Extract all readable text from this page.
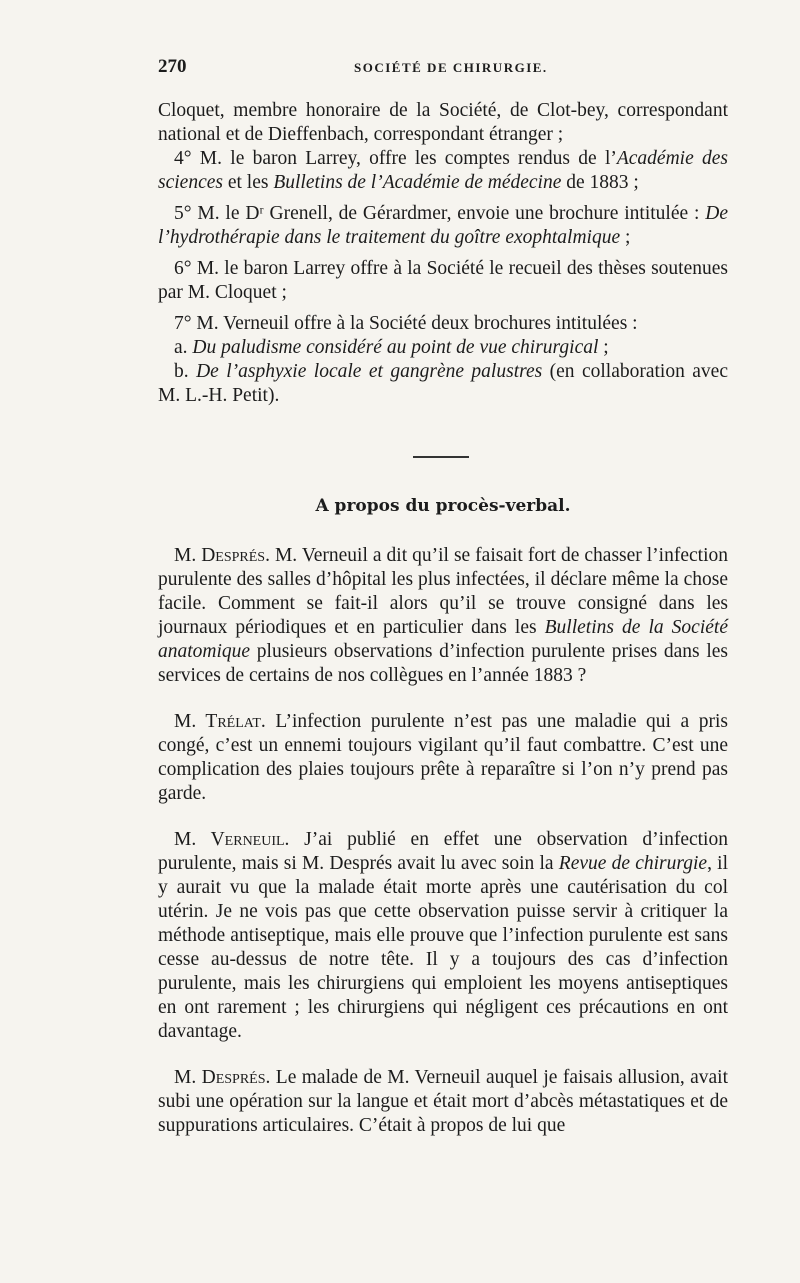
270	SOCIÉTÉ DE CHIRURGIE.

Cloquet, membre honoraire de la Société, de Clot-bey, correspondant national et de Dieffenbach, correspondant étranger ;

4° M. le baron Larrey, offre les comptes rendus de l’Académie des sciences et les Bulletins de l’Académie de médecine de 1883 ;

5° M. le Dʳ Grenell, de Gérardmer, envoie une brochure intitulée : De l’hydrothérapie dans le traitement du goître exophtalmique ;

6° M. le baron Larrey offre à la Société le recueil des thèses soutenues par M. Cloquet ;

7° M. Verneuil offre à la Société deux brochures intitulées :

a. Du paludisme considéré au point de vue chirurgical ;

b. De l’asphyxie locale et gangrène palustres (en collaboration avec M. L.-H. Petit).

A propos du procès-verbal.

M. Després. M. Verneuil a dit qu’il se faisait fort de chasser l’infection purulente des salles d’hôpital les plus infectées, il déclare même la chose facile. Comment se fait-il alors qu’il se trouve consigné dans les journaux périodiques et en particulier dans les Bulletins de la Société anatomique plusieurs observations d’infection purulente prises dans les services de certains de nos collègues en l’année 1883 ?

M. Trélat. L’infection purulente n’est pas une maladie qui a pris congé, c’est un ennemi toujours vigilant qu’il faut combattre. C’est une complication des plaies toujours prête à reparaître si l’on n’y prend pas garde.

M. Verneuil. J’ai publié en effet une observation d’infection purulente, mais si M. Després avait lu avec soin la Revue de chirurgie, il y aurait vu que la malade était morte après une cautérisation du col utérin. Je ne vois pas que cette observation puisse servir à critiquer la méthode antiseptique, mais elle prouve que l’infection purulente est sans cesse au-dessus de notre tête. Il y a toujours des cas d’infection purulente, mais les chirurgiens qui emploient les moyens antiseptiques en ont rarement ; les chirurgiens qui négligent ces précautions en ont davantage.

M. Després. Le malade de M. Verneuil auquel je faisais allusion, avait subi une opération sur la langue et était mort d’abcès métastatiques et de suppurations articulaires. C’était à propos de lui que
